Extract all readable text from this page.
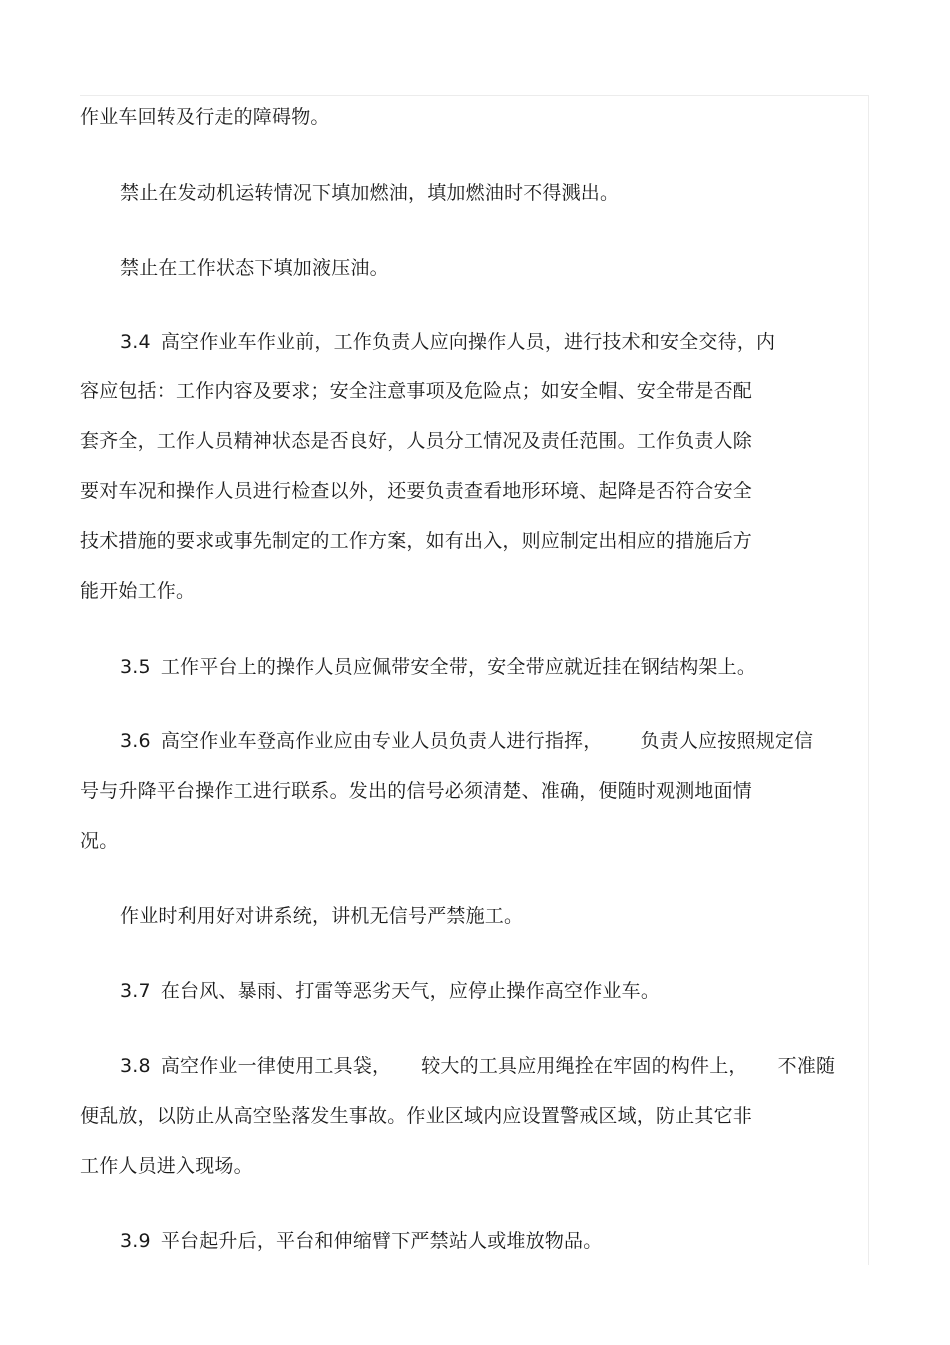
作业车回转及行走的障碍物。
禁止在发动机运转情况下填加燃油，填加燃油时不得溅出。
禁止在工作状态下填加液压油。
3.4 高空作业车作业前，工作负责人应向操作人员，进行技术和安全交待，内
容应包括：工作内容及要求；安全注意事项及危险点；如安全帽、安全带是否配
套齐全，工作人员精神状态是否良好，人员分工情况及责任范围。工作负责人除
要对车况和操作人员进行检查以外，还要负责查看地形环境、起降是否符合安全
技术措施的要求或事先制定的工作方案，如有出入，则应制定出相应的措施后方
能开始工作。
3.5 工作平台上的操作人员应佩带安全带，安全带应就近挂在钢结构架上。
3.6 高空作业车登高作业应由专业人员负责人进行指挥， 负责人应按照规定信
号与升降平台操作工进行联系。发出的信号必须清楚、准确，便随时观测地面情
况。
作业时利用好对讲系统，讲机无信号严禁施工。
3.7 在台风、暴雨、打雷等恶劣天气，应停止操作高空作业车。
3.8 高空作业一律使用工具袋， 较大的工具应用绳拴在牢固的构件上， 不准随
便乱放，以防止从高空坠落发生事故。作业区域内应设置警戒区域，防止其它非
工作人员进入现场。
3.9 平台起升后，平台和伸缩臂下严禁站人或堆放物品。
